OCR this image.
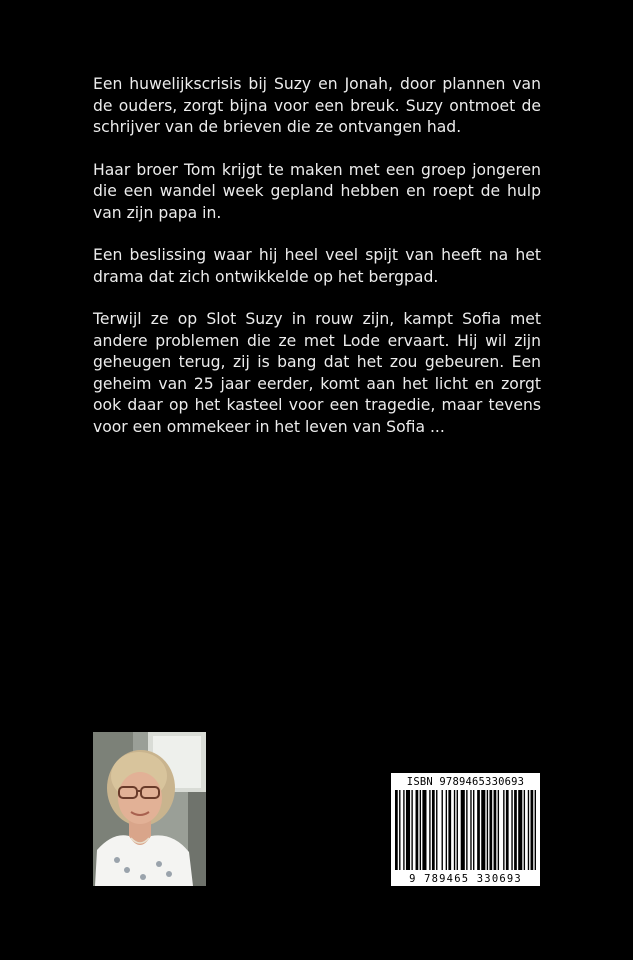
Een huwelijkscrisis bij Suzy en Jonah, door plannen van de ouders, zorgt bijna voor een breuk. Suzy ontmoet de schrijver van de brieven die ze ontvangen had.

Haar broer Tom krijgt te maken met een groep jongeren die een wandel week gepland hebben en roept de hulp van zijn papa in.

Een beslissing waar hij heel veel spijt van heeft na het drama dat zich ontwikkelde op het bergpad.

Terwijl ze op Slot Suzy in rouw zijn, kampt Sofia met andere problemen die ze met Lode ervaart. Hij wil zijn geheugen terug, zij is bang dat het zou gebeuren. Een geheim van 25 jaar eerder, komt aan het licht en zorgt ook daar op het kasteel voor een tragedie, maar tevens voor een ommekeer in het leven van Sofia ...

ISBN 9789465330693
9 789465 330693
